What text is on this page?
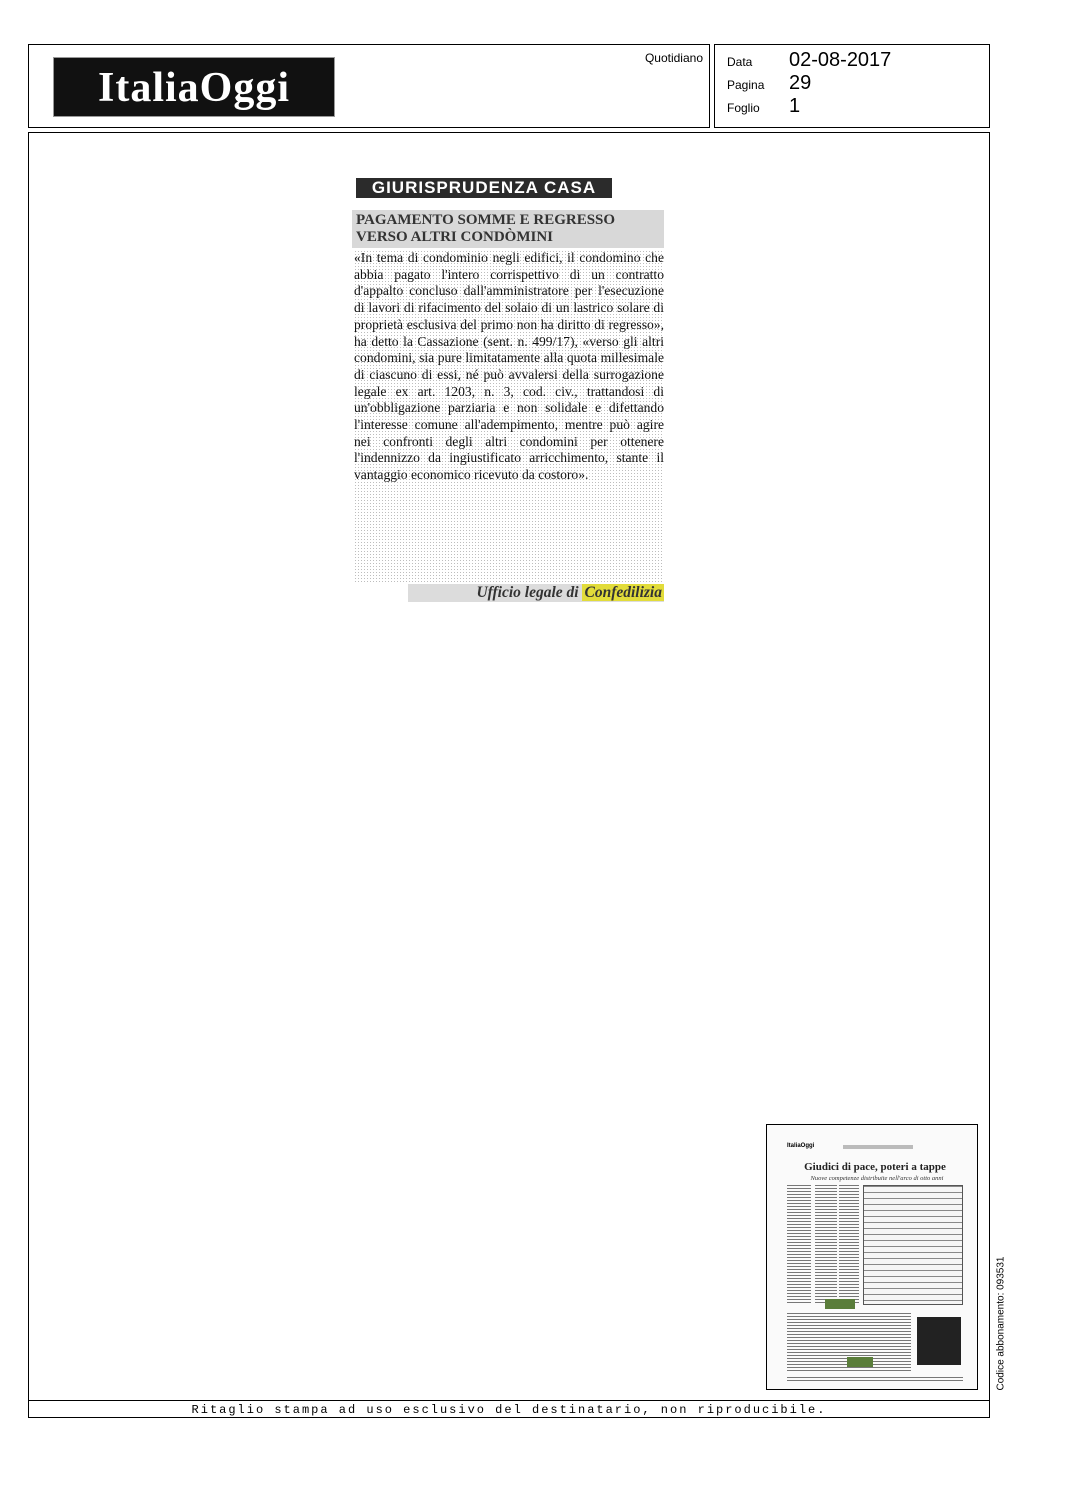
ItaliaOggi
Quotidiano Data 02-08-2017
Pagina 29
Foglio 1
Ritaglio stampa ad uso esclusivo del destinatario, non riproducibile.
GIURISPRUDENZA CASA
PAGAMENTO SOMME E REGRESSO
VERSO ALTRI CONDÒMINI
«In tema di condominio negli edifici, il condomino che abbia pagato l'intero corrispettivo di un contratto d'appalto concluso dall'amministratore per l'esecuzione di lavori di rifacimento del solaio di un lastrico solare di proprietà esclusiva del primo non ha diritto di regresso», ha detto la Cassazione (sent. n. 499/17), «verso gli altri condomini, sia pure limitatamente alla quota millesimale di ciascuno di essi, né può avvalersi della surrogazione legale ex art. 1203, n. 3, cod. civ., trattandosi di un'obbligazione parziaria e non solidale e difettando l'interesse comune all'adempimento, mentre può agire nei confronti degli altri condomini per ottenere l'indennizzo da ingiustificato arricchimento, stante il vantaggio economico ricevuto da costoro».
Ufficio legale di Confedilizia
ItaliaOggi
Giudici di pace, poteri a tappe
Nuove competenze distribuite nell'arco di otto anni
Codice abbonamento: 093531
